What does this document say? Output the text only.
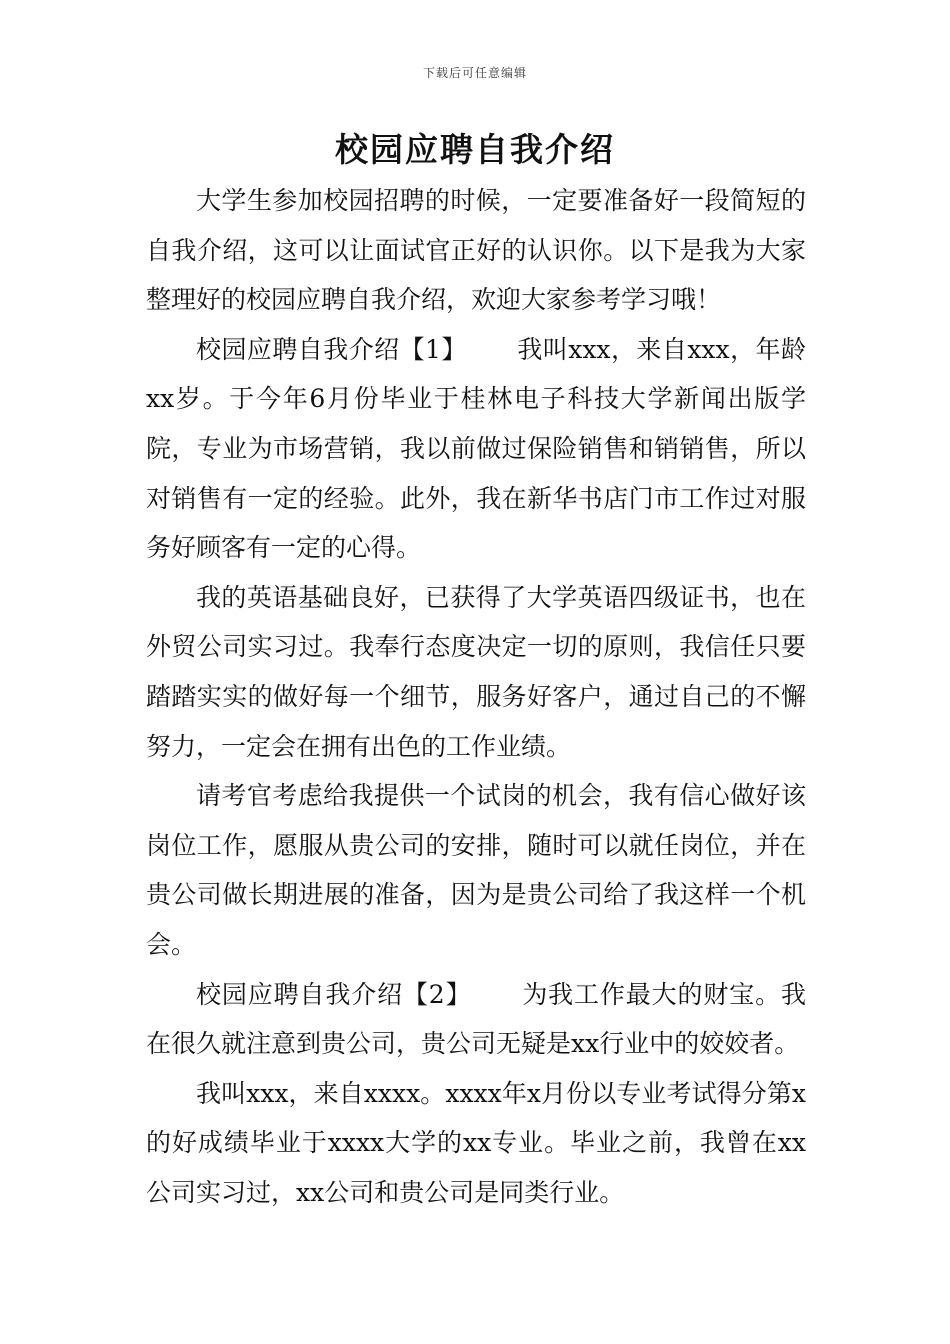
下载后可任意编辑
校园应聘自我介绍

大学生参加校园招聘的时候，一定要准备好一段简短的自我介绍，这可以让面试官正好的认识你。以下是我为大家整理好的校园应聘自我介绍，欢迎大家参考学习哦！

校园应聘自我介绍【1】 我叫xxx，来自xxx，年龄xx岁。于今年6月份毕业于桂林电子科技大学新闻出版学院，专业为市场营销，我以前做过保险销售和销销售，所以对销售有一定的经验。此外，我在新华书店门市工作过对服务好顾客有一定的心得。

我的英语基础良好，已获得了大学英语四级证书，也在外贸公司实习过。我奉行态度决定一切的原则，我信任只要踏踏实实的做好每一个细节，服务好客户，通过自己的不懈努力，一定会在拥有出色的工作业绩。

请考官考虑给我提供一个试岗的机会，我有信心做好该岗位工作，愿服从贵公司的安排，随时可以就任岗位，并在贵公司做长期进展的准备，因为是贵公司给了我这样一个机会。

校园应聘自我介绍【2】 为我工作最大的财宝。我在很久就注意到贵公司，贵公司无疑是xx行业中的姣姣者。

我叫xxx，来自xxxx。xxxx年x月份以专业考试得分第x的好成绩毕业于xxxx大学的xx专业。毕业之前，我曾在xx公司实习过，xx公司和贵公司是同类行业。
